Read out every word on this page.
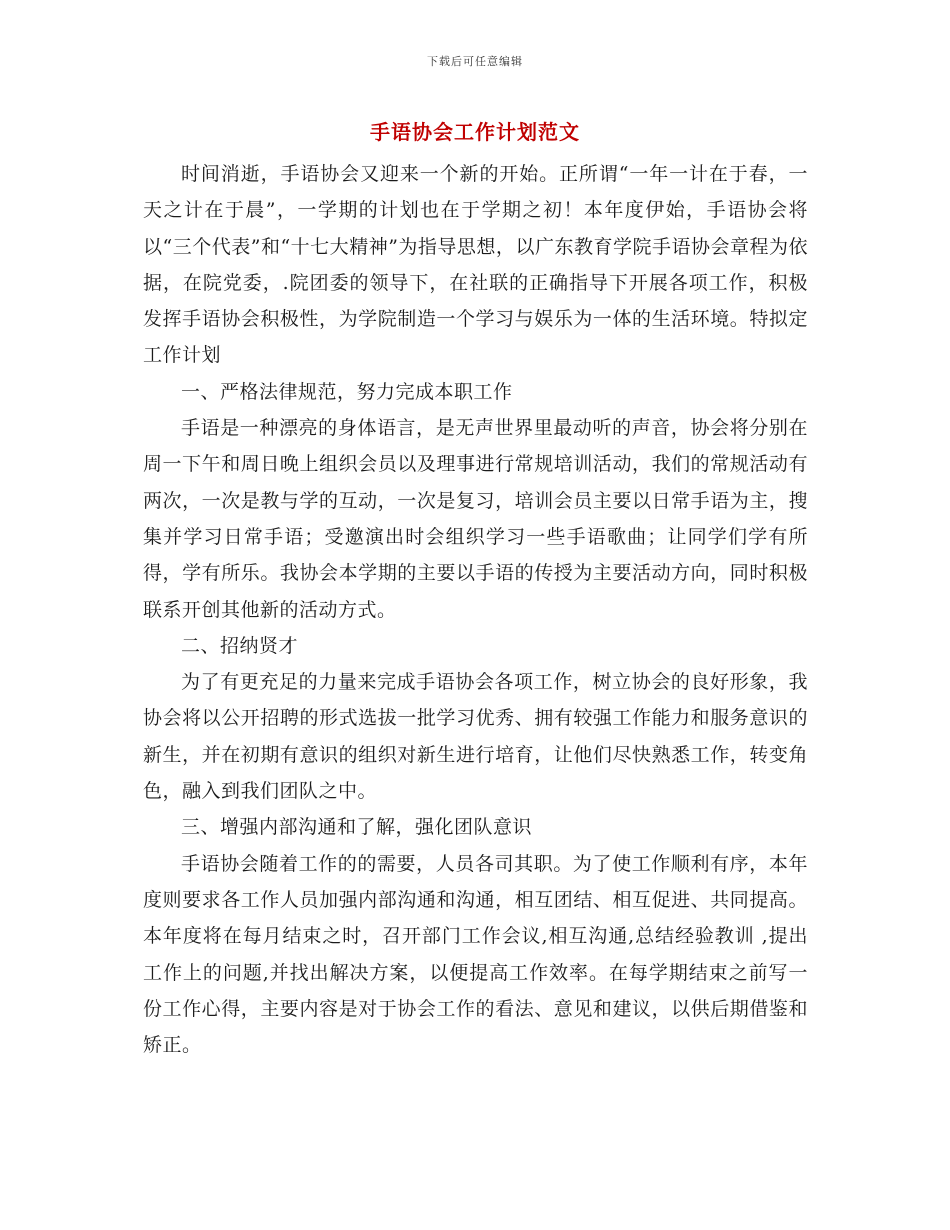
下载后可任意编辑
手语协会工作计划范文

时间消逝，手语协会又迎来一个新的开始。正所谓“一年一计在于春，一天之计在于晨”，一学期的计划也在于学期之初！本年度伊始，手语协会将以“三个代表”和“十七大精神”为指导思想，以广东教育学院手语协会章程为依据，在院党委，.院团委的领导下，在社联的正确指导下开展各项工作，积极发挥手语协会积极性，为学院制造一个学习与娱乐为一体的生活环境。特拟定工作计划

一、严格法律规范，努力完成本职工作

手语是一种漂亮的身体语言，是无声世界里最动听的声音，协会将分别在周一下午和周日晚上组织会员以及理事进行常规培训活动，我们的常规活动有两次，一次是教与学的互动，一次是复习，培训会员主要以日常手语为主，搜集并学习日常手语；受邀演出时会组织学习一些手语歌曲；让同学们学有所得，学有所乐。我协会本学期的主要以手语的传授为主要活动方向，同时积极联系开创其他新的活动方式。

二、招纳贤才

为了有更充足的力量来完成手语协会各项工作，树立协会的良好形象，我协会将以公开招聘的形式选拔一批学习优秀、拥有较强工作能力和服务意识的新生，并在初期有意识的组织对新生进行培育，让他们尽快熟悉工作，转变角色，融入到我们团队之中。

三、增强内部沟通和了解，强化团队意识

手语协会随着工作的的需要，人员各司其职。为了使工作顺利有序，本年度则要求各工作人员加强内部沟通和沟通，相互团结、相互促进、共同提高。本年度将在每月结束之时，召开部门工作会议,相互沟通,总结经验教训 ,提出工作上的问题,并找出解决方案，以便提高工作效率。在每学期结束之前写一份工作心得，主要内容是对于协会工作的看法、意见和建议，以供后期借鉴和矫正。
